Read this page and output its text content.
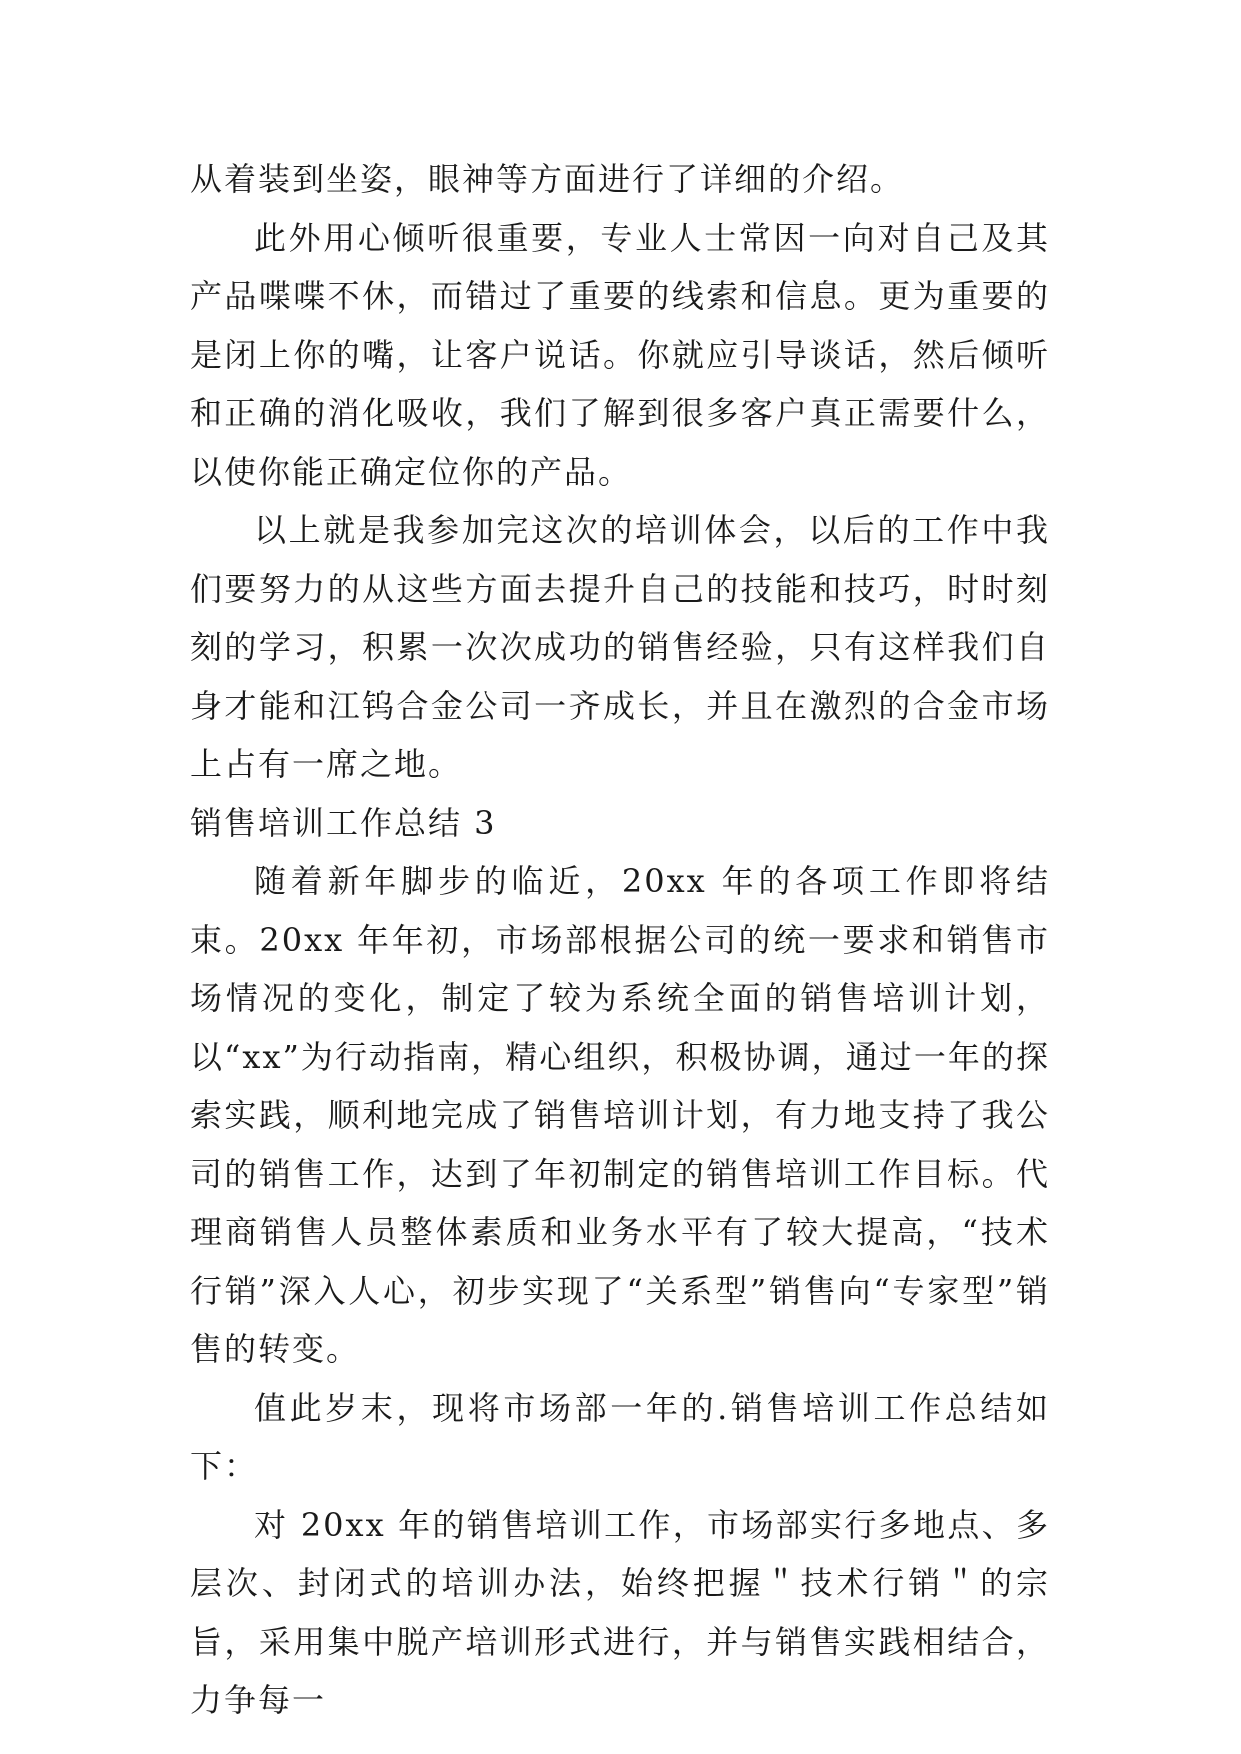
从着装到坐姿，眼神等方面进行了详细的介绍。

此外用心倾听很重要，专业人士常因一向对自己及其产品喋喋不休，而错过了重要的线索和信息。更为重要的是闭上你的嘴，让客户说话。你就应引导谈话，然后倾听和正确的消化吸收，我们了解到很多客户真正需要什么，以使你能正确定位你的产品。

以上就是我参加完这次的培训体会，以后的工作中我们要努力的从这些方面去提升自己的技能和技巧，时时刻刻的学习，积累一次次成功的销售经验，只有这样我们自身才能和江钨合金公司一齐成长，并且在激烈的合金市场上占有一席之地。

销售培训工作总结 3

随着新年脚步的临近，20xx 年的各项工作即将结束。20xx 年年初，市场部根据公司的统一要求和销售市场情况的变化，制定了较为系统全面的销售培训计划，以“xx”为行动指南，精心组织，积极协调，通过一年的探索实践，顺利地完成了销售培训计划，有力地支持了我公司的销售工作，达到了年初制定的销售培训工作目标。代理商销售人员整体素质和业务水平有了较大提高，“技术行销”深入人心，初步实现了“关系型”销售向“专家型”销售的转变。

值此岁末，现将市场部一年的.销售培训工作总结如下：

对 20xx 年的销售培训工作，市场部实行多地点、多层次、封闭式的培训办法，始终把握＂技术行销＂的宗旨，采用集中脱产培训形式进行，并与销售实践相结合，力争每一
